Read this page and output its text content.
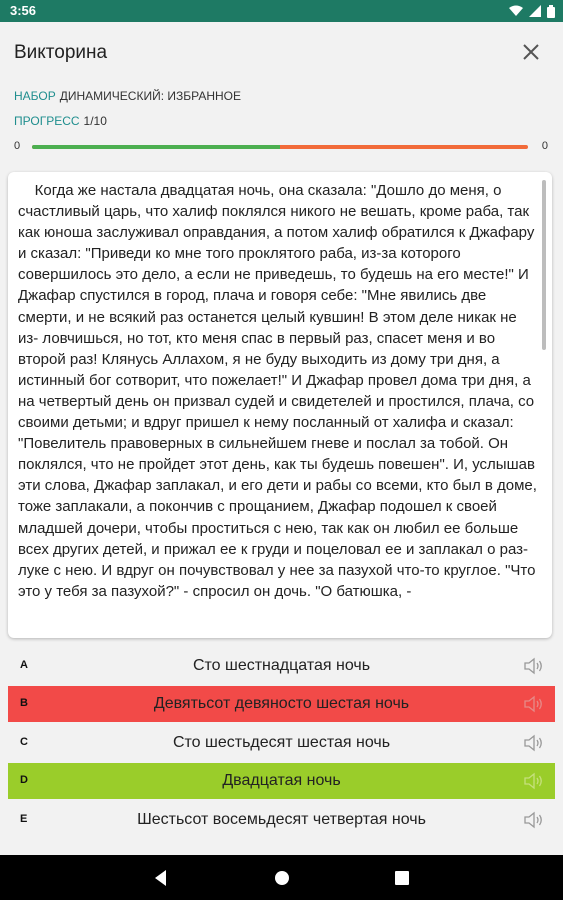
3:56
Викторина
НАБОР ДИНАМИЧЕСКИЙ: ИЗБРАННОЕ
ПРОГРЕСС 1/10
0	0
Когда же настала двадцатая ночь, она сказала: "Дошло до меня, о счастливый царь, что халиф поклялся никого не вешать, кроме раба, так как юноша заслуживал оправдания, а потом халиф обратился к Джафару и сказал: "Приведи ко мне того проклятого раба, из-за которого совершилось это дело, а если не приведешь, то будешь на его месте!" И Джафар спустился в город, плача и говоря себе: "Мне явились две смерти, и не всякий раз останется целый кувшин! В этом деле никак не из- ловчишься, но тот, кто меня спас в первый раз, спасет меня и во второй раз! Клянусь Аллахом, я не буду выходить из дому три дня, а истинный бог сотворит, что пожелает!" И Джафар провел дома три дня, а на четвертый день он призвал судей и свидетелей и простился, плача, со своими детьми; и вдруг пришел к нему посланный от халифа и сказал: "Повелитель правоверных в сильнейшем гневе и послал за тобой. Он поклялся, что не пройдет этот день, как ты будешь повешен". И, услышав эти слова, Джафар заплакал, и его дети и рабы со всеми, кто был в доме, тоже заплакали, а покончив с прощанием, Джафар подошел к своей младшей дочери, чтобы проститься с нею, так как он любил ее больше всех других детей, и прижал ее к груди и поцеловал ее и заплакал о раз- луке с нею. И вдруг он почувствовал у нее за пазухой что-то круглое. "Что это у тебя за пазухой?" - спросил он дочь. "О батюшка, -
A	Сто шестнадцатая ночь
B	Девятьсот девяносто шестая ночь
C	Сто шестьдесят шестая ночь
D	Двадцатая ночь
E	Шестьсот восемьдесят четвертая ночь
